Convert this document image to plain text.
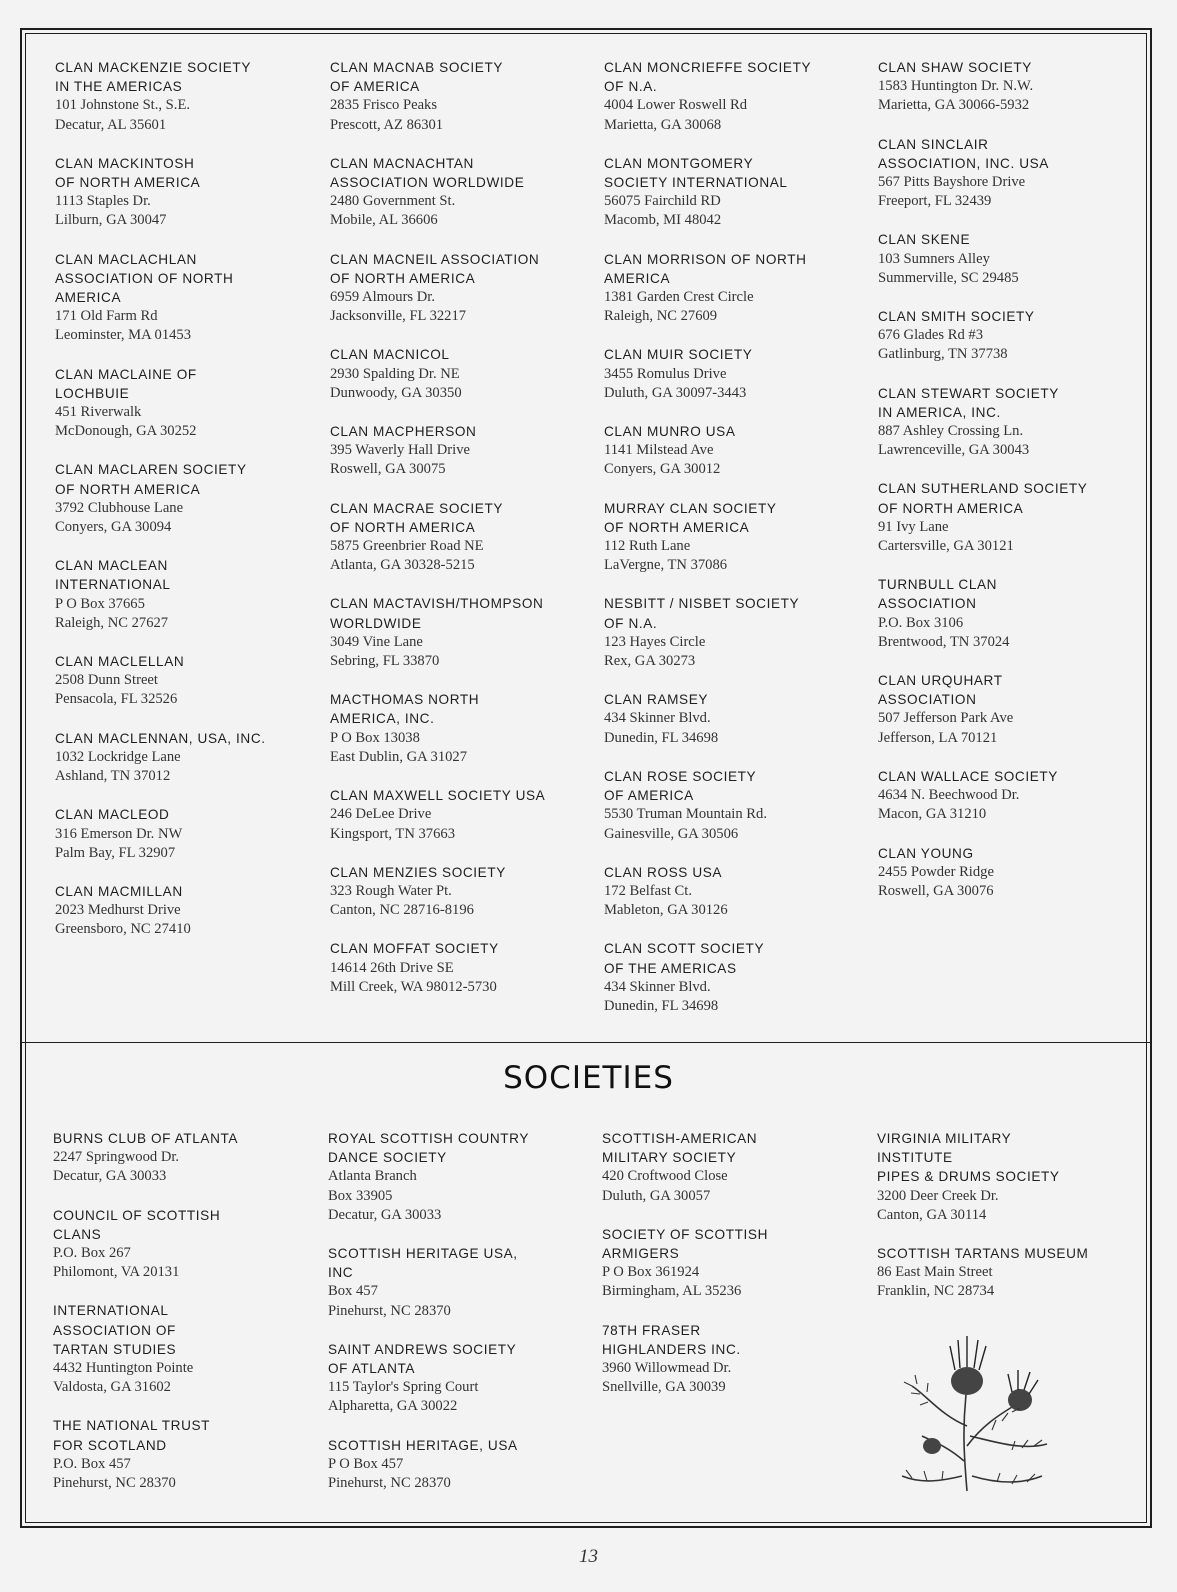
CLAN MACKENZIE SOCIETY
IN THE AMERICAS
101 Johnstone St., S.E.
Decatur, AL 35601
CLAN MACKINTOSH
OF NORTH AMERICA
1113 Staples Dr.
Lilburn, GA 30047
CLAN MACLACHLAN
ASSOCIATION OF NORTH
AMERICA
171 Old Farm Rd
Leominster, MA 01453
CLAN MACLAINE OF
LOCHBUIE
451 Riverwalk
McDonough, GA 30252
CLAN MACLAREN SOCIETY
OF NORTH AMERICA
3792 Clubhouse Lane
Conyers, GA 30094
CLAN MACLEAN
INTERNATIONAL
P O Box 37665
Raleigh, NC 27627
CLAN MACLELLAN
2508 Dunn Street
Pensacola, FL 32526
CLAN MACLENNAN, USA, INC.
1032 Lockridge Lane
Ashland, TN 37012
CLAN MACLEOD
316 Emerson Dr. NW
Palm Bay, FL 32907
CLAN MACMILLAN
2023 Medhurst Drive
Greensboro, NC 27410
CLAN MACNAB SOCIETY
OF AMERICA
2835 Frisco Peaks
Prescott, AZ 86301
CLAN MACNACHTAN
ASSOCIATION WORLDWIDE
2480 Government St.
Mobile, AL 36606
CLAN MACNEIL ASSOCIATION
OF NORTH AMERICA
6959 Almours Dr.
Jacksonville, FL 32217
CLAN MACNICOL
2930 Spalding Dr. NE
Dunwoody, GA 30350
CLAN MACPHERSON
395 Waverly Hall Drive
Roswell, GA 30075
CLAN MACRAE SOCIETY
OF NORTH AMERICA
5875 Greenbrier Road NE
Atlanta, GA 30328-5215
CLAN MACTAVISH/THOMPSON
WORLDWIDE
3049 Vine Lane
Sebring, FL 33870
MACTHOMAS NORTH
AMERICA, INC.
P O Box 13038
East Dublin, GA 31027
CLAN MAXWELL SOCIETY USA
246 DeLee Drive
Kingsport, TN 37663
CLAN MENZIES SOCIETY
323 Rough Water Pt.
Canton, NC 28716-8196
CLAN MOFFAT SOCIETY
14614 26th Drive SE
Mill Creek, WA 98012-5730
CLAN MONCRIEFFE SOCIETY
OF N.A.
4004 Lower Roswell Rd
Marietta, GA 30068
CLAN MONTGOMERY
SOCIETY INTERNATIONAL
56075 Fairchild RD
Macomb, MI 48042
CLAN MORRISON OF NORTH
AMERICA
1381 Garden Crest Circle
Raleigh, NC 27609
CLAN MUIR SOCIETY
3455 Romulus Drive
Duluth, GA 30097-3443
CLAN MUNRO USA
1141 Milstead Ave
Conyers, GA 30012
MURRAY CLAN SOCIETY
OF NORTH AMERICA
112 Ruth Lane
LaVergne, TN 37086
NESBITT / NISBET SOCIETY
OF N.A.
123 Hayes Circle
Rex, GA 30273
CLAN RAMSEY
434 Skinner Blvd.
Dunedin, FL 34698
CLAN ROSE SOCIETY
OF AMERICA
5530 Truman Mountain Rd.
Gainesville, GA 30506
CLAN ROSS USA
172 Belfast Ct.
Mableton, GA 30126
CLAN SCOTT SOCIETY
OF THE AMERICAS
434 Skinner Blvd.
Dunedin, FL 34698
CLAN SHAW SOCIETY
1583 Huntington Dr. N.W.
Marietta, GA 30066-5932
CLAN SINCLAIR
ASSOCIATION, INC. USA
567 Pitts Bayshore Drive
Freeport, FL 32439
CLAN SKENE
103 Sumners Alley
Summerville, SC 29485
CLAN SMITH SOCIETY
676 Glades Rd #3
Gatlinburg, TN 37738
CLAN STEWART SOCIETY
IN AMERICA, INC.
887 Ashley Crossing Ln.
Lawrenceville, GA 30043
CLAN SUTHERLAND SOCIETY
OF NORTH AMERICA
91 Ivy Lane
Cartersville, GA 30121
TURNBULL CLAN
ASSOCIATION
P.O. Box 3106
Brentwood, TN 37024
CLAN URQUHART
ASSOCIATION
507 Jefferson Park Ave
Jefferson, LA 70121
CLAN WALLACE SOCIETY
4634 N. Beechwood Dr.
Macon, GA 31210
CLAN YOUNG
2455 Powder Ridge
Roswell, GA 30076
SOCIETIES
BURNS CLUB OF ATLANTA
2247 Springwood Dr.
Decatur, GA 30033
COUNCIL OF SCOTTISH
CLANS
P.O. Box 267
Philomont, VA 20131
INTERNATIONAL
ASSOCIATION OF
TARTAN STUDIES
4432 Huntington Pointe
Valdosta, GA 31602
THE NATIONAL TRUST
FOR SCOTLAND
P.O. Box 457
Pinehurst, NC 28370
ROYAL SCOTTISH COUNTRY
DANCE SOCIETY
Atlanta Branch
Box 33905
Decatur, GA 30033
SCOTTISH HERITAGE USA,
INC
Box 457
Pinehurst, NC 28370
SAINT ANDREWS SOCIETY
OF ATLANTA
115 Taylor's Spring Court
Alpharetta, GA 30022
SCOTTISH HERITAGE, USA
P O Box 457
Pinehurst, NC 28370
SCOTTISH-AMERICAN
MILITARY SOCIETY
420 Croftwood Close
Duluth, GA 30057
SOCIETY OF SCOTTISH
ARMIGERS
P O Box 361924
Birmingham, AL 35236
78TH FRASER
HIGHLANDERS INC.
3960 Willowmead Dr.
Snellville, GA 30039
VIRGINIA MILITARY
INSTITUTE
PIPES & DRUMS SOCIETY
3200 Deer Creek Dr.
Canton, GA 30114
SCOTTISH TARTANS MUSEUM
86 East Main Street
Franklin, NC 28734
13
